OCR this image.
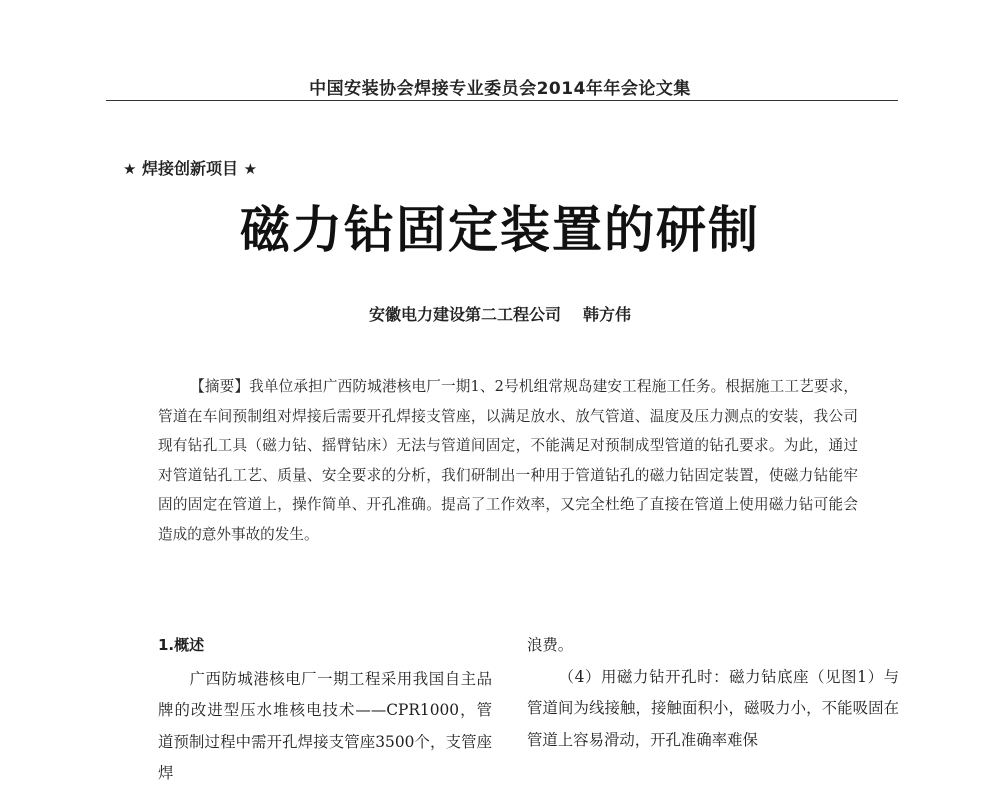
中国安装协会焊接专业委员会2014年年会论文集
★ 焊接创新项目 ★
磁力钻固定装置的研制
安徽电力建设第二工程公司 韩方伟
【摘要】我单位承担广西防城港核电厂一期1、2号机组常规岛建安工程施工任务。根据施工工艺要求，管道在车间预制组对焊接后需要开孔焊接支管座，以满足放水、放气管道、温度及压力测点的安装，我公司现有钻孔工具（磁力钻、摇臂钻床）无法与管道间固定，不能满足对预制成型管道的钻孔要求。为此，通过对管道钻孔工艺、质量、安全要求的分析，我们研制出一种用于管道钻孔的磁力钻固定装置，使磁力钻能牢固的固定在管道上，操作简单、开孔准确。提高了工作效率，又完全杜绝了直接在管道上使用磁力钻可能会造成的意外事故的发生。
1.概述
广西防城港核电厂一期工程采用我国自主品牌的改进型压水堆核电技术——CPR1000，管道预制过程中需开孔焊接支管座3500个，支管座焊
浪费。
（4）用磁力钻开孔时：磁力钻底座（见图1）与管道间为线接触，接触面积小，磁吸力小，不能吸固在管道上容易滑动，开孔准确率难保
